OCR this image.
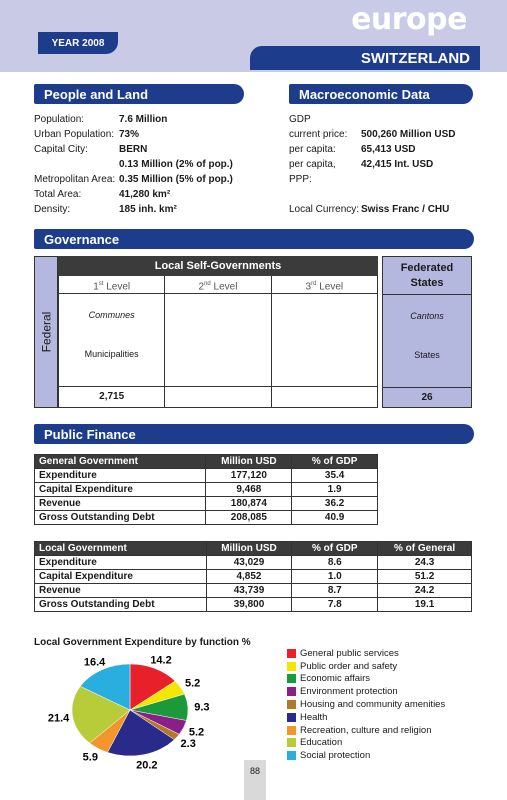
europe
YEAR 2008
SWITZERLAND
People and Land
Population:	7.6 Million
Urban Population: 73%
Capital City:	BERN
0.13 Million (2% of pop.)
Metropolitan Area: 0.35 Million (5% of pop.)
Total Area:	41,280 km²
Density:	185 inh. km²
Macroeconomic Data
GDP
current price:	500,260 Million USD
per capita:	65,413 USD
per capita, PPP:
42,415 Int. USD
Local Currency: Swiss Franc / CHU
Governance
Federal
Local Self-Governments
1st Level	2nd Level	3rd Level
Communes
Municipalities
2,715
Federated States
Cantons
States
26
Public Finance
General Government	Million USD	% of GDP
Expenditure	177,120	35.4
Capital Expenditure	9,468	1.9
Revenue	180,874	36.2
Gross Outstanding Debt	208,085	40.9
Local Government	Million USD	% of GDP	% of General
Expenditure	43,029	8.6	24.3
Capital Expenditure	4,852	1.0	51.2
Revenue	43,739	8.7	24.2
Gross Outstanding Debt	39,800	7.8	19.1
Local Government Expenditure by function %
14.2
5.2
9.3
5.2
2.3
20.2
5.9
21.4
16.4
General public services
Public order and safety
Economic affairs
Environment protection
Housing and community amenities
Health
Recreation, culture and religion
Education
Social protection
88
